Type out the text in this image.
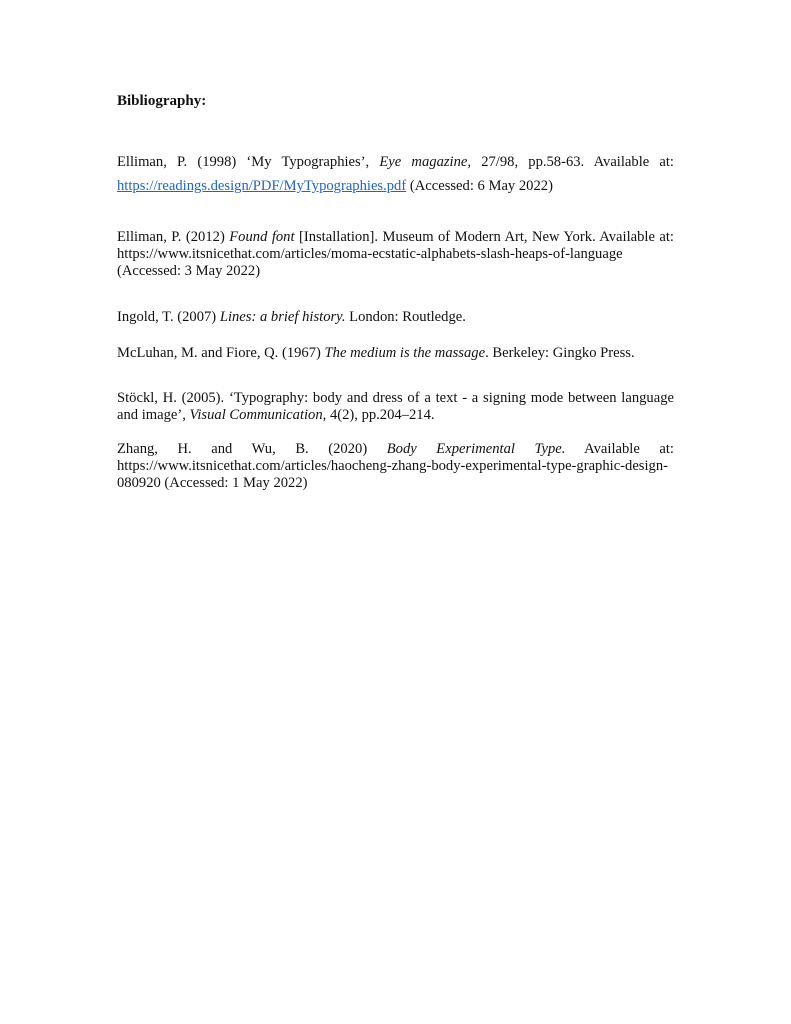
Bibliography:

Elliman, P. (1998) ‘My Typographies’, Eye magazine, 27/98, pp.58-63. Available at: https://readings.design/PDF/MyTypographies.pdf (Accessed: 6 May 2022)

Elliman, P. (2012) Found font [Installation]. Museum of Modern Art, New York. Available at: https://www.itsnicethat.com/articles/moma-ecstatic-alphabets-slash-heaps-of-language (Accessed: 3 May 2022)

Ingold, T. (2007) Lines: a brief history. London: Routledge.

McLuhan, M. and Fiore, Q. (1967) The medium is the massage. Berkeley: Gingko Press.

Stöckl, H. (2005). ‘Typography: body and dress of a text - a signing mode between language and image’, Visual Communication, 4(2), pp.204–214.

Zhang, H. and Wu, B. (2020) Body Experimental Type. Available at: https://www.itsnicethat.com/articles/haocheng-zhang-body-experimental-type-graphic-design-080920 (Accessed: 1 May 2022)
